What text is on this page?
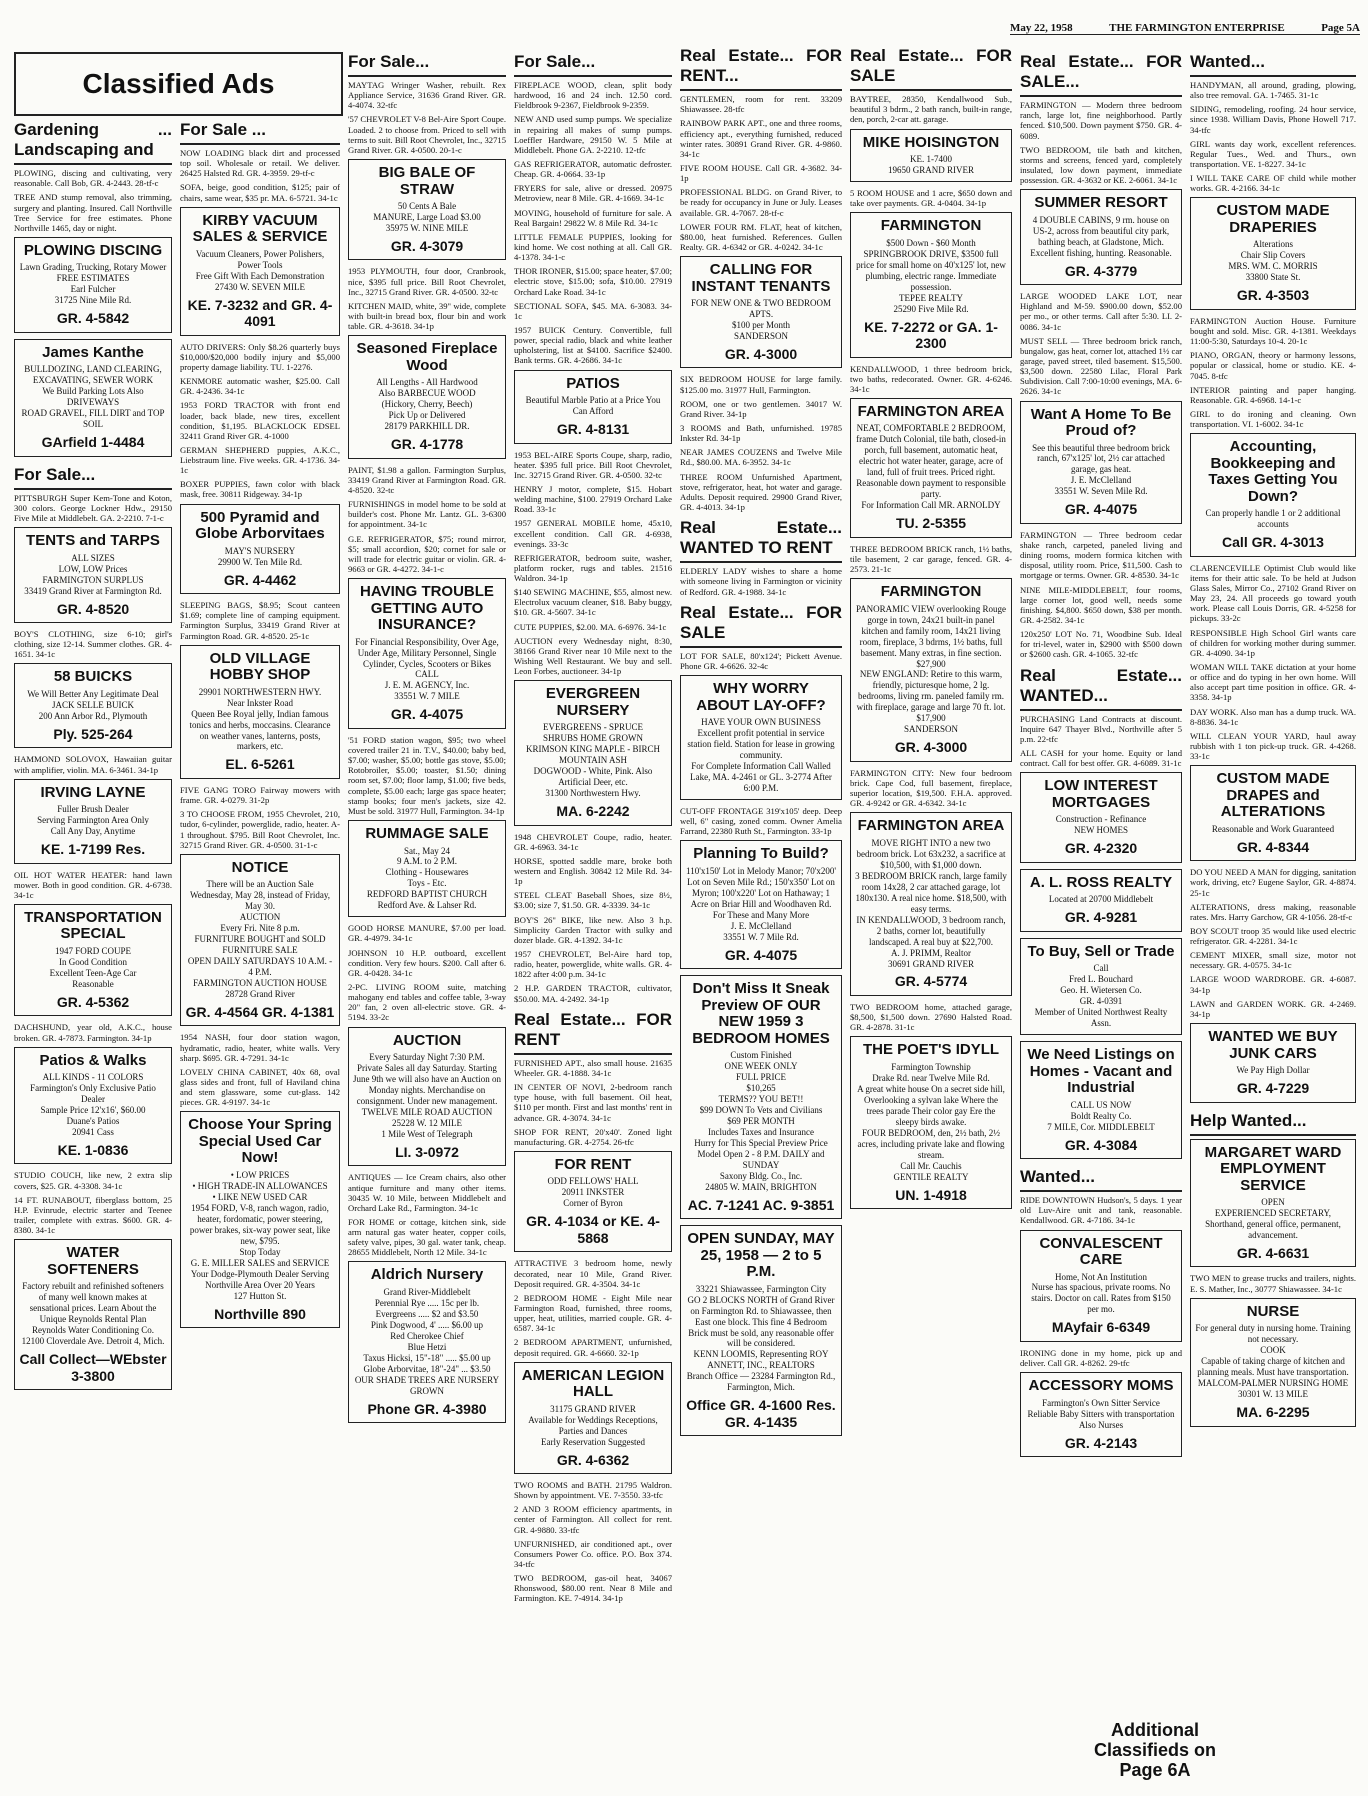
May 22, 1958	THE FARMINGTON ENTERPRISE	Page 5A
Classified Ads
Gardening ... Landscaping and
PLOWING, discing and cultivating, very reasonable. Call Bob, GR. 4-2443. 28-tf-c
TREE AND stump removal, also trimming, surgery and planting. Insured. Call Northville Tree Service for free estimates. Phone Northville 1465, day or night.
PLOWING DISCING
Lawn Grading, Trucking, Rotary Mower
FREE ESTIMATES
Earl Fulcher
31725 Nine Mile Rd.
GR. 4-5842
James Kanthe
BULLDOZING, LAND CLEARING, EXCAVATING, SEWER WORK
We Build Parking Lots Also DRIVEWAYS
ROAD GRAVEL, FILL DIRT and TOP SOIL
GArfield 1-4484
For Sale...
PITTSBURGH Super Kem-Tone and Koton, 300 colors. George Lockner Hdw., 29150 Five Mile at Middlebelt. GA. 2-2210. 7-1-c
TENTS and TARPS
ALL SIZES
LOW, LOW Prices
FARMINGTON SURPLUS
33419 Grand River at Farmington Rd.
GR. 4-8520
BOY'S CLOTHING, size 6-10; girl's clothing, size 12-14. Summer clothes. GR. 4-1651. 34-1c
58 BUICKS
We Will Better Any Legitimate Deal
JACK SELLE BUICK
200 Ann Arbor Rd., Plymouth
Ply. 525-264
HAMMOND SOLOVOX, Hawaiian guitar with amplifier, violin. MA. 6-3461. 34-1p
IRVING LAYNE
Fuller Brush Dealer
Serving Farmington Area Only
Call Any Day, Anytime
KE. 1-7199 Res.
OIL HOT WATER HEATER: hand lawn mower. Both in good condition. GR. 4-6738. 34-1c
TRANSPORTATION SPECIAL
1947 FORD COUPE
In Good Condition
Excellent Teen-Age Car
Reasonable
GR. 4-5362
DACHSHUND, year old, A.K.C., house broken. GR. 4-7873. Farmington. 34-1p
Patios & Walks
ALL KINDS - 11 COLORS
Farmington's Only Exclusive Patio Dealer
Sample Price 12'x16', $60.00
Duane's Patios
20941 Cass
KE. 1-0836
STUDIO COUCH, like new, 2 extra slip covers, $25. GR. 4-3308. 34-1c
14 FT. RUNABOUT, fiberglass bottom, 25 H.P. Evinrude, electric starter and Teenee trailer, complete with extras. $600. GR. 4-8380. 34-1c
WATER SOFTENERS
Factory rebuilt and refinished softeners of many well known makes at sensational prices. Learn About the Unique Reynolds Rental Plan
Reynolds Water Conditioning Co.
12100 Cloverdale Ave. Detroit 4, Mich.
Call Collect—WEbster 3-3800
For Sale ...
NOW LOADING black dirt and processed top soil. Wholesale or retail. We deliver. 26425 Halsted Rd. GR. 4-3959. 29-tf-c
SOFA, beige, good condition, $125; pair of chairs, same wear, $35 pr. MA. 6-5721. 34-1c
KIRBY VACUUM SALES & SERVICE
Vacuum Cleaners, Power Polishers, Power Tools
Free Gift With Each Demonstration
27430 W. SEVEN MILE
KE. 7-3232 and GR. 4-4091
AUTO DRIVERS: Only $8.26 quarterly buys $10,000/$20,000 bodily injury and $5,000 property damage liability. TU. 1-2276.
KENMORE automatic washer, $25.00. Call GR. 4-2436. 34-1c
1953 FORD TRACTOR with front end loader, back blade, new tires, excellent condition, $1,195. BLACKLOCK EDSEL 32411 Grand River GR. 4-1000
GERMAN SHEPHERD puppies, A.K.C., Liebstraum line. Five weeks. GR. 4-1736. 34-1c
BOXER PUPPIES, fawn color with black mask, free. 30811 Ridgeway. 34-1p
500 Pyramid and Globe Arborvitaes
MAY'S NURSERY
29900 W. Ten Mile Rd.
GR. 4-4462
SLEEPING BAGS, $8.95; Scout canteen $1.69; complete line of camping equipment. Farmington Surplus, 33419 Grand River at Farmington Road. GR. 4-8520. 25-1c
OLD VILLAGE HOBBY SHOP
29901 NORTHWESTERN HWY.
Near Inkster Road
Queen Bee Royal jelly, Indian famous tonics and herbs, moccasins. Clearance on weather vanes, lanterns, posts, markers, etc.
EL. 6-5261
FIVE GANG TORO Fairway mowers with frame. GR. 4-0279. 31-2p
3 TO CHOOSE FROM, 1955 Chevrolet, 210, tudor, 6-cylinder, powerglide, radio, heater. A-1 throughout. $795. Bill Root Chevrolet, Inc. 32715 Grand River. GR. 4-0500. 31-1-c
NOTICE
There will be an Auction Sale Wednesday, May 28, instead of Friday, May 30.
AUCTION
Every Fri. Nite 8 p.m.
FURNITURE BOUGHT and SOLD
FURNITURE SALE
OPEN DAILY SATURDAYS 10 A.M. - 4 P.M.
FARMINGTON AUCTION HOUSE
28728 Grand River
GR. 4-4564 GR. 4-1381
1954 NASH, four door station wagon, hydramatic, radio, heater, white walls. Very sharp. $695. GR. 4-7291. 34-1c
LOVELY CHINA CABINET, 40x 68, oval glass sides and front, full of Haviland china and stem glassware, some cut-glass. 142 pieces. GR. 4-9197. 34-1c
Choose Your Spring Special Used Car Now!
• LOW PRICES
• HIGH TRADE-IN ALLOWANCES
• LIKE NEW USED CAR
1954 FORD, V-8, ranch wagon, radio, heater, fordomatic, power steering, power brakes, six-way power seat, like new, $795.
Stop Today
G. E. MILLER SALES and SERVICE
Your Dodge-Plymouth Dealer Serving Northville Area Over 20 Years
127 Hutton St.
Northville 890
For Sale...
MAYTAG Wringer Washer, rebuilt. Rex Appliance Service, 31636 Grand River. GR. 4-4074. 32-tfc
'57 CHEVROLET V-8 Bel-Aire Sport Coupe. Loaded. 2 to choose from. Priced to sell with terms to suit. Bill Root Chevrolet, Inc., 32715 Grand River. GR. 4-0500. 20-1-c
BIG BALE OF STRAW
50 Cents A Bale
MANURE, Large Load $3.00
35975 W. NINE MILE
GR. 4-3079
1953 PLYMOUTH, four door, Cranbrook, nice, $395 full price. Bill Root Chevrolet, Inc., 32715 Grand River. GR. 4-0500. 32-tc
KITCHEN MAID, white, 39" wide, complete with built-in bread box, flour bin and work table. GR. 4-3618. 34-1p
Seasoned Fireplace Wood
All Lengths - All Hardwood
Also BARBECUE WOOD
(Hickory, Cherry, Beech)
Pick Up or Delivered
28179 PARKHILL DR.
GR. 4-1778
PAINT, $1.98 a gallon. Farmington Surplus, 33419 Grand River at Farmington Road. GR. 4-8520. 32-tc
FURNISHINGS in model home to be sold at builder's cost. Phone Mr. Lantz. GL. 3-6300 for appointment. 34-1c
G.E. REFRIGERATOR, $75; round mirror, $5; small accordion, $20; cornet for sale or will trade for electric guitar or violin. GR. 4-9663 or GR. 4-4272. 34-1-c
HAVING TROUBLE GETTING AUTO INSURANCE?
For Financial Responsibility, Over Age, Under Age, Military Personnel, Single Cylinder, Cycles, Scooters or Bikes
CALL
J. E. M. AGENCY, Inc.
33551 W. 7 MILE
GR. 4-4075
'51 FORD station wagon, $95; two wheel covered trailer 21 in. T.V., $40.00; baby bed, $7.00; washer, $5.00; bottle gas stove, $5.00; Rotobroiler, $5.00; toaster, $1.50; dining room set, $7.00; floor lamp, $1.00; five beds, complete, $5.00 each; large gas space heater; stamp books; four men's jackets, size 42. Must be sold. 31977 Hull, Farmington. 34-1p
RUMMAGE SALE
Sat., May 24
9 A.M. to 2 P.M.
Clothing - Housewares
Toys - Etc.
REDFORD BAPTIST CHURCH
Redford Ave. & Lahser Rd.
GOOD HORSE MANURE, $7.00 per load. GR. 4-4979. 34-1c
JOHNSON 10 H.P. outboard, excellent condition. Very few hours. $200. Call after 6. GR. 4-0428. 34-1c
2-PC. LIVING ROOM suite, matching mahogany end tables and coffee table, 3-way 20" fan, 2 oven all-electric stove. GR. 4-5194. 33-2c
AUCTION
Every Saturday Night 7:30 P.M.
Private Sales all day Saturday. Starting June 9th we will also have an Auction on Monday nights. Merchandise on consignment. Under new management.
TWELVE MILE ROAD AUCTION
25228 W. 12 MILE
1 Mile West of Telegraph
LI. 3-0972
ANTIQUES — Ice Cream chairs, also other antique furniture and many other items. 30435 W. 10 Mile, between Middlebelt and Orchard Lake Rd., Farmington. 34-1c
FOR HOME or cottage, kitchen sink, side arm natural gas water heater, copper coils, safety valve, pipes, 30 gal. water tank, cheap. 28655 Middlebelt, North 12 Mile. 34-1c
Aldrich Nursery
Grand River-Middlebelt
Perennial Rye ..... 15c per lb.
Evergreens ..... $2 and $3.50
Pink Dogwood, 4' ..... $6.00 up
Red Cherokee Chief
Blue Hetzi
Taxus Hicksi, 15"-18" ..... $5.00 up
Globe Arborvitae, 18"-24" ... $3.50
OUR SHADE TREES ARE NURSERY GROWN
Phone GR. 4-3980
For Sale...
FIREPLACE WOOD, clean, split body hardwood, 16 and 24 inch. 12.50 cord. Fieldbrook 9-2367, Fieldbrook 9-2359.
NEW AND used sump pumps. We specialize in repairing all makes of sump pumps. Loeffler Hardware, 29150 W. 5 Mile at Middlebelt. Phone GA. 2-2210. 12-tfc
GAS REFRIGERATOR, automatic defroster. Cheap. GR. 4-0664. 33-1p
FRYERS for sale, alive or dressed. 20975 Metroview, near 8 Mile. GR. 4-1669. 34-1c
MOVING, household of furniture for sale. A Real Bargain! 29822 W. 8 Mile Rd. 34-1c
LITTLE FEMALE PUPPIES, looking for kind home. We cost nothing at all. Call GR. 4-1378. 34-1-c
THOR IRONER, $15.00; space heater, $7.00; electric stove, $15.00; sofa, $10.00. 27919 Orchard Lake Road. 34-1c
SECTIONAL SOFA, $45. MA. 6-3083. 34-1c
1957 BUICK Century. Convertible, full power, special radio, black and white leather upholstering, list at $4100. Sacrifice $2400. Bank terms. GR. 4-2686. 34-1c
PATIOS
Beautiful Marble Patio at a Price You Can Afford
GR. 4-8131
1953 BEL-AIRE Sports Coupe, sharp, radio, heater. $395 full price. Bill Root Chevrolet, Inc. 32715 Grand River. GR. 4-0500. 32-tc
HENRY J motor, complete, $15. Hobart welding machine, $100. 27919 Orchard Lake Road. 33-1c
1957 GENERAL MOBILE home, 45x10, excellent condition. Call GR. 4-6938, evenings. 33-3c
REFRIGERATOR, bedroom suite, washer, platform rocker, rugs and tables. 21516 Waldron. 34-1p
$140 SEWING MACHINE, $55, almost new. Electrolux vacuum cleaner, $18. Baby buggy, $10. GR. 4-5607. 34-1c
CUTE PUPPIES, $2.00. MA. 6-6976. 34-1c
AUCTION every Wednesday night, 8:30, 38166 Grand River near 10 Mile next to the Wishing Well Restaurant. We buy and sell. Leon Forbes, auctioneer. 34-1p
EVERGREEN NURSERY
EVERGREENS - SPRUCE
SHRUBS HOME GROWN
KRIMSON KING MAPLE - BIRCH
MOUNTAIN ASH
DOGWOOD - White, Pink. Also Artificial Deer, etc.
31300 Northwestern Hwy.
MA. 6-2242
1948 CHEVROLET Coupe, radio, heater. GR. 4-6963. 34-1c
HORSE, spotted saddle mare, broke both western and English. 30842 12 Mile Rd. 34-1p
STEEL CLEAT Baseball Shoes, size 8½, $3.00; size 7, $1.50. GR. 4-3339. 34-1c
BOY'S 26" BIKE, like new. Also 3 h.p. Simplicity Garden Tractor with sulky and dozer blade. GR. 4-1392. 34-1c
1957 CHEVROLET, Bel-Aire hard top, radio, heater, powerglide, white walls. GR. 4-1822 after 4:00 p.m. 34-1c
2 H.P. GARDEN TRACTOR, cultivator, $50.00. MA. 4-2492. 34-1p
Real Estate... FOR RENT
FURNISHED APT., also small house. 21635 Wheeler. GR. 4-1888. 34-1c
IN CENTER OF NOVI, 2-bedroom ranch type house, with full basement. Oil heat, $110 per month. First and last months' rent in advance. GR. 4-3074. 34-1c
SHOP FOR RENT, 20'x40'. Zoned light manufacturing. GR. 4-2754. 26-tfc
FOR RENT
ODD FELLOWS' HALL
20911 INKSTER
Corner of Byron
GR. 4-1034 or KE. 4-5868
ATTRACTIVE 3 bedroom home, newly decorated, near 10 Mile, Grand River. Deposit required. GR. 4-3504. 34-1c
2 BEDROOM HOME - Eight Mile near Farmington Road, furnished, three rooms, upper, heat, utilities, married couple. GR. 4-6587. 34-1c
2 BEDROOM APARTMENT, unfurnished, deposit required. GR. 4-6660. 32-1p
AMERICAN LEGION HALL
31175 GRAND RIVER
Available for Weddings Receptions, Parties and Dances
Early Reservation Suggested
GR. 4-6362
TWO ROOMS and BATH. 21795 Waldron. Shown by appointment. VE. 7-3550. 33-tfc
2 AND 3 ROOM efficiency apartments, in center of Farmington. All collect for rent. GR. 4-9880. 33-tfc
UNFURNISHED, air conditioned apt., over Consumers Power Co. office. P.O. Box 374. 34-tfc
TWO BEDROOM, gas-oil heat, 34067 Rhonswood, $80.00 rent. Near 8 Mile and Farmington. KE. 7-4914. 34-1p
Real Estate... FOR RENT...
GENTLEMEN, room for rent. 33209 Shiawassee. 28-tfc
RAINBOW PARK APT., one and three rooms, efficiency apt., everything furnished, reduced winter rates. 30891 Grand River. GR. 4-9860. 34-1c
FIVE ROOM HOUSE. Call GR. 4-3682. 34-1p
PROFESSIONAL BLDG. on Grand River, to be ready for occupancy in June or July. Leases available. GR. 4-7067. 28-tf-c
LOWER FOUR RM. FLAT, heat of kitchen, $80.00, heat furnished. References. Gullen Realty. GR. 4-6342 or GR. 4-0242. 34-1c
CALLING FOR INSTANT TENANTS
FOR NEW ONE & TWO BEDROOM APTS.
$100 per Month
SANDERSON
GR. 4-3000
SIX BEDROOM HOUSE for large family. $125.00 mo. 31977 Hull, Farmington.
ROOM, one or two gentlemen. 34017 W. Grand River. 34-1p
3 ROOMS and Bath, unfurnished. 19785 Inkster Rd. 34-1p
NEAR JAMES COUZENS and Twelve Mile Rd., $80.00. MA. 6-3952. 34-1c
THREE ROOM Unfurnished Apartment, stove, refrigerator, heat, hot water and garage. Adults. Deposit required. 29900 Grand River, GR. 4-4013. 34-1p
Real Estate... WANTED TO RENT
ELDERLY LADY wishes to share a home with someone living in Farmington or vicinity of Redford. GR. 4-1988. 34-1c
Real Estate... FOR SALE
LOT FOR SALE, 80'x124'; Pickett Avenue. Phone GR. 4-6626. 32-4c
WHY WORRY ABOUT LAY-OFF?
HAVE YOUR OWN BUSINESS
Excellent profit potential in service station field. Station for lease in growing community.
For Complete Information Call Walled Lake, MA. 4-2461 or GL. 3-2774 After 6:00 P.M.
CUT-OFF FRONTAGE 319'x105' deep. Deep well, 6" casing, zoned comm. Owner Amelia Farrand, 22380 Ruth St., Farmington. 33-1p
Planning To Build?
110'x150' Lot in Melody Manor; 70'x200' Lot on Seven Mile Rd.; 150'x350' Lot on Myron; 100'x220' Lot on Hathaway; 1 Acre on Briar Hill and Woodhaven Rd.
For These and Many More
J. E. McClelland
33551 W. 7 Mile Rd.
GR. 4-4075
Don't Miss It Sneak Preview OF OUR NEW 1959 3 BEDROOM HOMES
Custom Finished
ONE WEEK ONLY
FULL PRICE
$10,265
TERMS?? YOU BET!!
$99 DOWN To Vets and Civilians
$69 PER MONTH
Includes Taxes and Insurance
Hurry for This Special Preview Price
Model Open 2 - 8 P.M. DAILY and SUNDAY
Saxony Bldg. Co., Inc.
24805 W. MAIN, BRIGHTON
AC. 7-1241 AC. 9-3851
OPEN SUNDAY, MAY 25, 1958 — 2 to 5 P.M.
33221 Shiawassee, Farmington City
GO 2 BLOCKS NORTH of Grand River on Farmington Rd. to Shiawassee, then East one block. This fine 4 Bedroom Brick must be sold, any reasonable offer will be considered.
KENN LOOMIS, Representing ROY ANNETT, INC., REALTORS
Branch Office — 23284 Farmington Rd., Farmington, Mich.
Office GR. 4-1600 Res. GR. 4-1435
Real Estate... FOR SALE
BAYTREE, 28350, Kendallwood Sub., beautiful 3 bdrm., 2 bath ranch, built-in range, den, porch, 2-car att. garage.
MIKE HOISINGTON
KE. 1-7400
19650 GRAND RIVER
5 ROOM HOUSE and 1 acre, $650 down and take over payments. GR. 4-0404. 34-1p
FARMINGTON
$500 Down - $60 Month
SPRINGBROOK DRIVE, $3500 full price for small home on 40'x125' lot, new plumbing, electric range. Immediate possession.
TEPEE REALTY
25290 Five Mile Rd.
KE. 7-2272 or GA. 1-2300
KENDALLWOOD, 1 three bedroom brick, two baths, redecorated. Owner. GR. 4-6246. 34-1c
FARMINGTON AREA
NEAT, COMFORTABLE 2 BEDROOM, frame Dutch Colonial, tile bath, closed-in porch, full basement, automatic heat, electric hot water heater, garage, acre of land, full of fruit trees. Priced right. Reasonable down payment to responsible party.
For Information Call MR. ARNOLDY
TU. 2-5355
THREE BEDROOM BRICK ranch, 1½ baths, tile basement, 2 car garage, fenced. GR. 4-2573. 21-1c
FARMINGTON
PANORAMIC VIEW overlooking Rouge gorge in town, 24x21 built-in panel kitchen and family room, 14x21 living room, fireplace, 3 bdrms, 1½ baths, full basement. Many extras, in fine section.
$27,900
NEW ENGLAND: Retire to this warm, friendly, picturesque home, 2 lg. bedrooms, living rm. paneled family rm. with fireplace, garage and large 70 ft. lot.
$17,900
SANDERSON
GR. 4-3000
FARMINGTON CITY: New four bedroom brick. Cape Cod, full basement, fireplace, superior location, $19,500. F.H.A. approved. GR. 4-9242 or GR. 4-6342. 34-1c
FARMINGTON AREA
MOVE RIGHT INTO a new two bedroom brick. Lot 63x232, a sacrifice at $10,500, with $1,000 down.
3 BEDROOM BRICK ranch, large family room 14x28, 2 car attached garage, lot 180x130. A real nice home. $18,500, with easy terms.
IN KENDALLWOOD, 3 bedroom ranch, 2 baths, corner lot, beautifully landscaped. A real buy at $22,700.
A. J. PRIMM, Realtor
30691 GRAND RIVER
GR. 4-5774
TWO BEDROOM home, attached garage, $8,500, $1,500 down. 27690 Halsted Road. GR. 4-2878. 31-1c
THE POET'S IDYLL
Farmington Township
Drake Rd. near Twelve Mile Rd.
A great white house On a secret side hill, Overlooking a sylvan lake Where the trees parade Their color gay Ere the sleepy birds awake.
FOUR BEDROOM, den, 2½ bath, 2½ acres, including private lake and flowing stream.
Call Mr. Cauchis
GENTILE REALTY
UN. 1-4918
Real Estate... FOR SALE...
FARMINGTON — Modern three bedroom ranch, large lot, fine neighborhood. Partly fenced. $10,500. Down payment $750. GR. 4-6089.
TWO BEDROOM, tile bath and kitchen, storms and screens, fenced yard, completely insulated, low down payment, immediate possession. GR. 4-3632 or KE. 2-6061. 34-1c
SUMMER RESORT
4 DOUBLE CABINS, 9 rm. house on US-2, across from beautiful city park, bathing beach, at Gladstone, Mich. Excellent fishing, hunting. Reasonable.
GR. 4-3779
LARGE WOODED LAKE LOT, near Highland and M-59. $900.00 down, $52.00 per mo., or other terms. Call after 5:30. LI. 2-0086. 34-1c
MUST SELL — Three bedroom brick ranch, bungalow, gas heat, corner lot, attached 1½ car garage, paved street, tiled basement. $15,500. $3,500 down. 22580 Lilac, Floral Park Subdivision. Call 7:00-10:00 evenings, MA. 6-2626. 34-1c
Want A Home To Be Proud of?
See this beautiful three bedroom brick ranch, 67'x125' lot, 2½ car attached garage, gas heat.
J. E. McClelland
33551 W. Seven Mile Rd.
GR. 4-4075
FARMINGTON — Three bedroom cedar shake ranch, carpeted, paneled living and dining rooms, modern formica kitchen with disposal, utility room. Price, $11,500. Cash to mortgage or terms. Owner. GR. 4-8530. 34-1c
NINE MILE-MIDDLEBELT, four rooms, large corner lot, good well, needs some finishing. $4,800. $650 down, $38 per month. GR. 4-2582. 34-1c
120x250' LOT No. 71, Woodbine Sub. Ideal for tri-level, water in, $2900 with $500 down or $2600 cash. GR. 4-1065. 32-tfc
Real Estate... WANTED...
PURCHASING Land Contracts at discount. Inquire 647 Thayer Blvd., Northville after 5 p.m. 22-tfc
ALL CASH for your home. Equity or land contract. Call for best offer. GR. 4-6089. 31-1c
LOW INTEREST MORTGAGES
Construction - Refinance
NEW HOMES
GR. 4-2320
A. L. ROSS REALTY
Located at 20700 Middlebelt
GR. 4-9281
To Buy, Sell or Trade
Call
Fred L. Bouchard
Geo. H. Wietersen Co.
GR. 4-0391
Member of United Northwest Realty Assn.
We Need Listings on Homes - Vacant and Industrial
CALL US NOW
Boldt Realty Co.
7 MILE, Cor. MIDDLEBELT
GR. 4-3084
Wanted...
RIDE DOWNTOWN Hudson's, 5 days. 1 year old Luv-Aire unit and tank, reasonable. Kendallwood. GR. 4-7186. 34-1c
CONVALESCENT CARE
Home, Not An Institution
Nurse has spacious, private rooms. No stairs. Doctor on call. Rates from $150 per mo.
MAyfair 6-6349
IRONING done in my home, pick up and deliver. Call GR. 4-8262. 29-tfc
ACCESSORY MOMS
Farmington's Own Sitter Service
Reliable Baby Sitters with transportation
Also Nurses
GR. 4-2143
Wanted...
HANDYMAN, all around, grading, plowing, also tree removal. GA. 1-7465. 31-1c
SIDING, remodeling, roofing. 24 hour service, since 1938. William Davis, Phone Howell 717. 34-tfc
GIRL wants day work, excellent references. Regular Tues., Wed. and Thurs., own transportation. VE. 1-8227. 34-1c
I WILL TAKE CARE OF child while mother works. GR. 4-2166. 34-1c
CUSTOM MADE DRAPERIES
Alterations
Chair Slip Covers
MRS. WM. C. MORRIS
33800 State St.
GR. 4-3503
FARMINGTON Auction House. Furniture bought and sold. Misc. GR. 4-1381. Weekdays 11:00-5:30, Saturdays 10-4. 20-1c
PIANO, ORGAN, theory or harmony lessons, popular or classical, home or studio. KE. 4-7045. 8-tfc
INTERIOR painting and paper hanging. Reasonable. GR. 4-6968. 14-1-c
GIRL to do ironing and cleaning. Own transportation. VI. 1-6002. 34-1c
Accounting, Bookkeeping and Taxes Getting You Down?
Can properly handle 1 or 2 additional accounts
Call GR. 4-3013
CLARENCEVILLE Optimist Club would like items for their attic sale. To be held at Judson Glass Sales, Mirror Co., 27102 Grand River on May 23, 24. All proceeds go toward youth work. Please call Louis Dorris, GR. 4-5258 for pickups. 33-2c
RESPONSIBLE High School Girl wants care of children for working mother during summer. GR. 4-4090. 34-1p
WOMAN WILL TAKE dictation at your home or office and do typing in her own home. Will also accept part time position in office. GR. 4-3358. 34-1p
DAY WORK. Also man has a dump truck. WA. 8-8836. 34-1c
WILL CLEAN YOUR YARD, haul away rubbish with 1 ton pick-up truck. GR. 4-4268. 33-1c
CUSTOM MADE DRAPES and ALTERATIONS
Reasonable and Work Guaranteed
GR. 4-8344
DO YOU NEED A MAN for digging, sanitation work, driving, etc? Eugene Saylor, GR. 4-8874. 25-1c
ALTERATIONS, dress making, reasonable rates. Mrs. Harry Garchow, GR 4-1056. 28-tf-c
BOY SCOUT troop 35 would like used electric refrigerator. GR. 4-2281. 34-1c
CEMENT MIXER, small size, motor not necessary. GR. 4-0575. 34-1c
LARGE WOOD WARDROBE. GR. 4-6087. 34-1p
LAWN and GARDEN WORK. GR. 4-2469. 34-1p
WANTED WE BUY JUNK CARS
We Pay High Dollar
GR. 4-7229
Help Wanted...
MARGARET WARD EMPLOYMENT SERVICE
OPEN
EXPERIENCED SECRETARY, Shorthand, general office, permanent, advancement.
GR. 4-6631
TWO MEN to grease trucks and trailers, nights. E. S. Mather, Inc., 30777 Shiawassee. 34-1c
NURSE
For general duty in nursing home. Training not necessary.
COOK
Capable of taking charge of kitchen and planning meals. Must have transportation.
MALCOM-PALMER NURSING HOME
30301 W. 13 MILE
MA. 6-2295
Additional Classifieds on Page 6A
